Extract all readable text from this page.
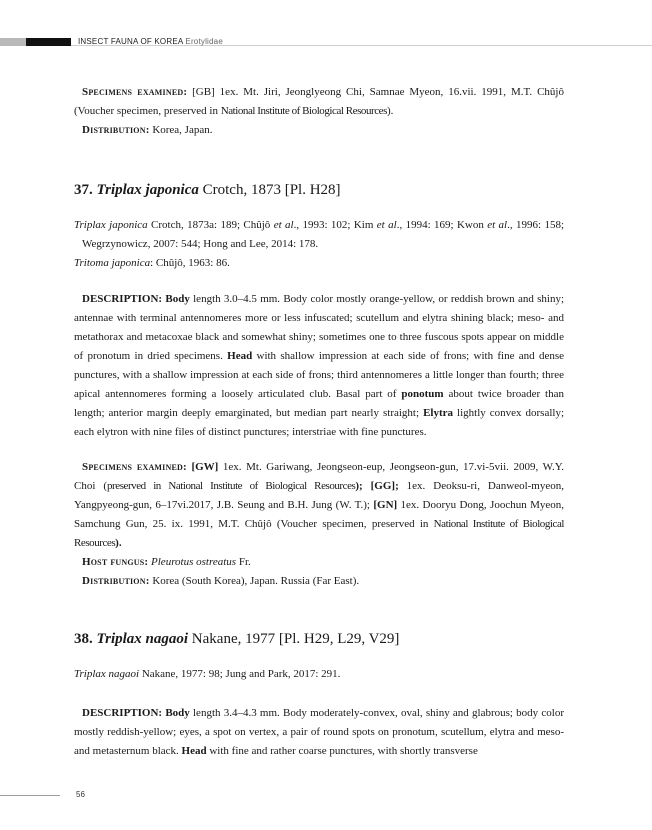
INSECT FAUNA OF KOREA Erotylidae

Specimens examined: [GB] 1ex. Mt. Jiri, Jeonglyeong Chi, Samnae Myeon, 16.vii. 1991, M.T. Chûjô (Voucher specimen, preserved in National Institute of Biological Resources).

Distribution: Korea, Japan.

37. Triplax japonica Crotch, 1873 [Pl. H28]

Triplax japonica Crotch, 1873a: 189; Chûjô et al., 1993: 102; Kim et al., 1994: 169; Kwon et al., 1996: 158; Wegrzynowicz, 2007: 544; Hong and Lee, 2014: 178.

Tritoma japonica: Chûjô, 1963: 86.

DESCRIPTION: Body length 3.0–4.5 mm. Body color mostly orange-yellow, or reddish brown and shiny; antennae with terminal antennomeres more or less infuscated; scutellum and elytra shining black; meso- and metathorax and metacoxae black and somewhat shiny; sometimes one to three fuscous spots appear on middle of pronotum in dried specimens. Head with shallow impression at each side of frons; with fine and dense punctures, with a shallow impression at each side of frons; third antennomeres a little longer than fourth; three apical antennomeres forming a loosely articulated club. Basal part of ponotum about twice broader than length; anterior margin deeply emarginated, but median part nearly straight; Elytra lightly convex dorsally; each elytron with nine files of distinct punctures; interstriae with fine punctures.

Specimens examined: [GW] 1ex. Mt. Gariwang, Jeongseon-eup, Jeongseon-gun, 17.vi-5vii. 2009, W.Y. Choi (preserved in National Institute of Biological Resources); [GG]; 1ex. Deoksu-ri, Danweol-myeon, Yangpyeong-gun, 6–17vi.2017, J.B. Seung and B.H. Jung (W. T.); [GN] 1ex. Dooryu Dong, Joochun Myeon, Samchung Gun, 25. ix. 1991, M.T. Chûjô (Voucher specimen, preserved in National Institute of Biological Resources).

Host fungus: Pleurotus ostreatus Fr.

Distribution: Korea (South Korea), Japan. Russia (Far East).

38. Triplax nagaoi Nakane, 1977 [Pl. H29, L29, V29]

Triplax nagaoi Nakane, 1977: 98; Jung and Park, 2017: 291.

DESCRIPTION: Body length 3.4–4.3 mm. Body moderately-convex, oval, shiny and glabrous; body color mostly reddish-yellow; eyes, a spot on vertex, a pair of round spots on pronotum, scutellum, elytra and meso- and metasternum black. Head with fine and rather coarse punctures, with shortly transverse

56
